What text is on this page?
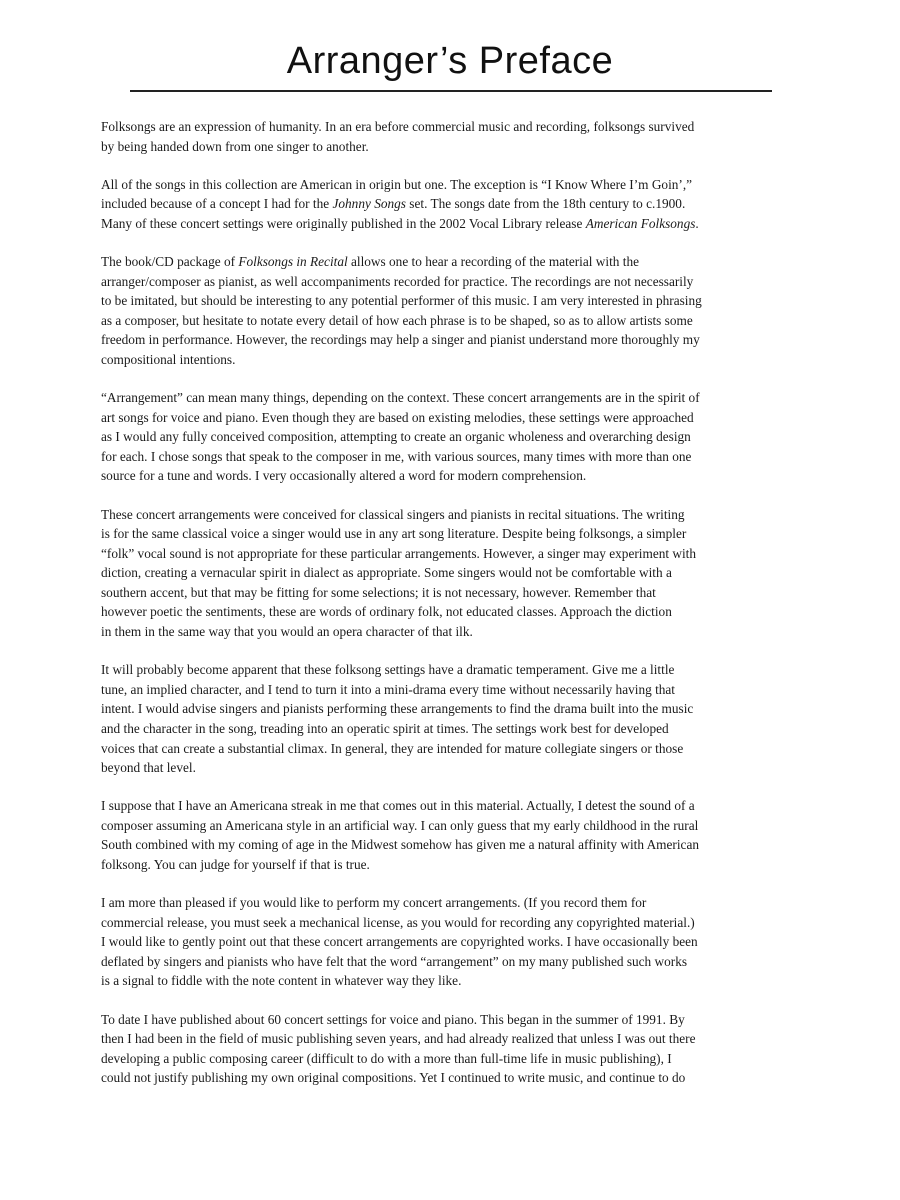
Arranger’s Preface

Folksongs are an expression of humanity. In an era before commercial music and recording, folksongs survived
by being handed down from one singer to another.

All of the songs in this collection are American in origin but one. The exception is “I Know Where I’m Goin’,”
included because of a concept I had for the Johnny Songs set. The songs date from the 18th century to c.1900.
Many of these concert settings were originally published in the 2002 Vocal Library release American Folksongs.

The book/CD package of Folksongs in Recital allows one to hear a recording of the material with the
arranger/composer as pianist, as well accompaniments recorded for practice. The recordings are not necessarily
to be imitated, but should be interesting to any potential performer of this music. I am very interested in phrasing
as a composer, but hesitate to notate every detail of how each phrase is to be shaped, so as to allow artists some
freedom in performance. However, the recordings may help a singer and pianist understand more thoroughly my
compositional intentions.

“Arrangement” can mean many things, depending on the context. These concert arrangements are in the spirit of
art songs for voice and piano. Even though they are based on existing melodies, these settings were approached
as I would any fully conceived composition, attempting to create an organic wholeness and overarching design
for each. I chose songs that speak to the composer in me, with various sources, many times with more than one
source for a tune and words. I very occasionally altered a word for modern comprehension.

These concert arrangements were conceived for classical singers and pianists in recital situations. The writing
is for the same classical voice a singer would use in any art song literature. Despite being folksongs, a simpler
“folk” vocal sound is not appropriate for these particular arrangements. However, a singer may experiment with
diction, creating a vernacular spirit in dialect as appropriate. Some singers would not be comfortable with a
southern accent, but that may be fitting for some selections; it is not necessary, however. Remember that
however poetic the sentiments, these are words of ordinary folk, not educated classes. Approach the diction
in them in the same way that you would an opera character of that ilk.

It will probably become apparent that these folksong settings have a dramatic temperament. Give me a little
tune, an implied character, and I tend to turn it into a mini-drama every time without necessarily having that
intent. I would advise singers and pianists performing these arrangements to find the drama built into the music
and the character in the song, treading into an operatic spirit at times. The settings work best for developed
voices that can create a substantial climax. In general, they are intended for mature collegiate singers or those
beyond that level.

I suppose that I have an Americana streak in me that comes out in this material. Actually, I detest the sound of a
composer assuming an Americana style in an artificial way. I can only guess that my early childhood in the rural
South combined with my coming of age in the Midwest somehow has given me a natural affinity with American
folksong. You can judge for yourself if that is true.

I am more than pleased if you would like to perform my concert arrangements. (If you record them for
commercial release, you must seek a mechanical license, as you would for recording any copyrighted material.)
I would like to gently point out that these concert arrangements are copyrighted works. I have occasionally been
deflated by singers and pianists who have felt that the word “arrangement” on my many published such works
is a signal to fiddle with the note content in whatever way they like.

To date I have published about 60 concert settings for voice and piano. This began in the summer of 1991. By
then I had been in the field of music publishing seven years, and had already realized that unless I was out there
developing a public composing career (difficult to do with a more than full-time life in music publishing), I
could not justify publishing my own original compositions. Yet I continued to write music, and continue to do
